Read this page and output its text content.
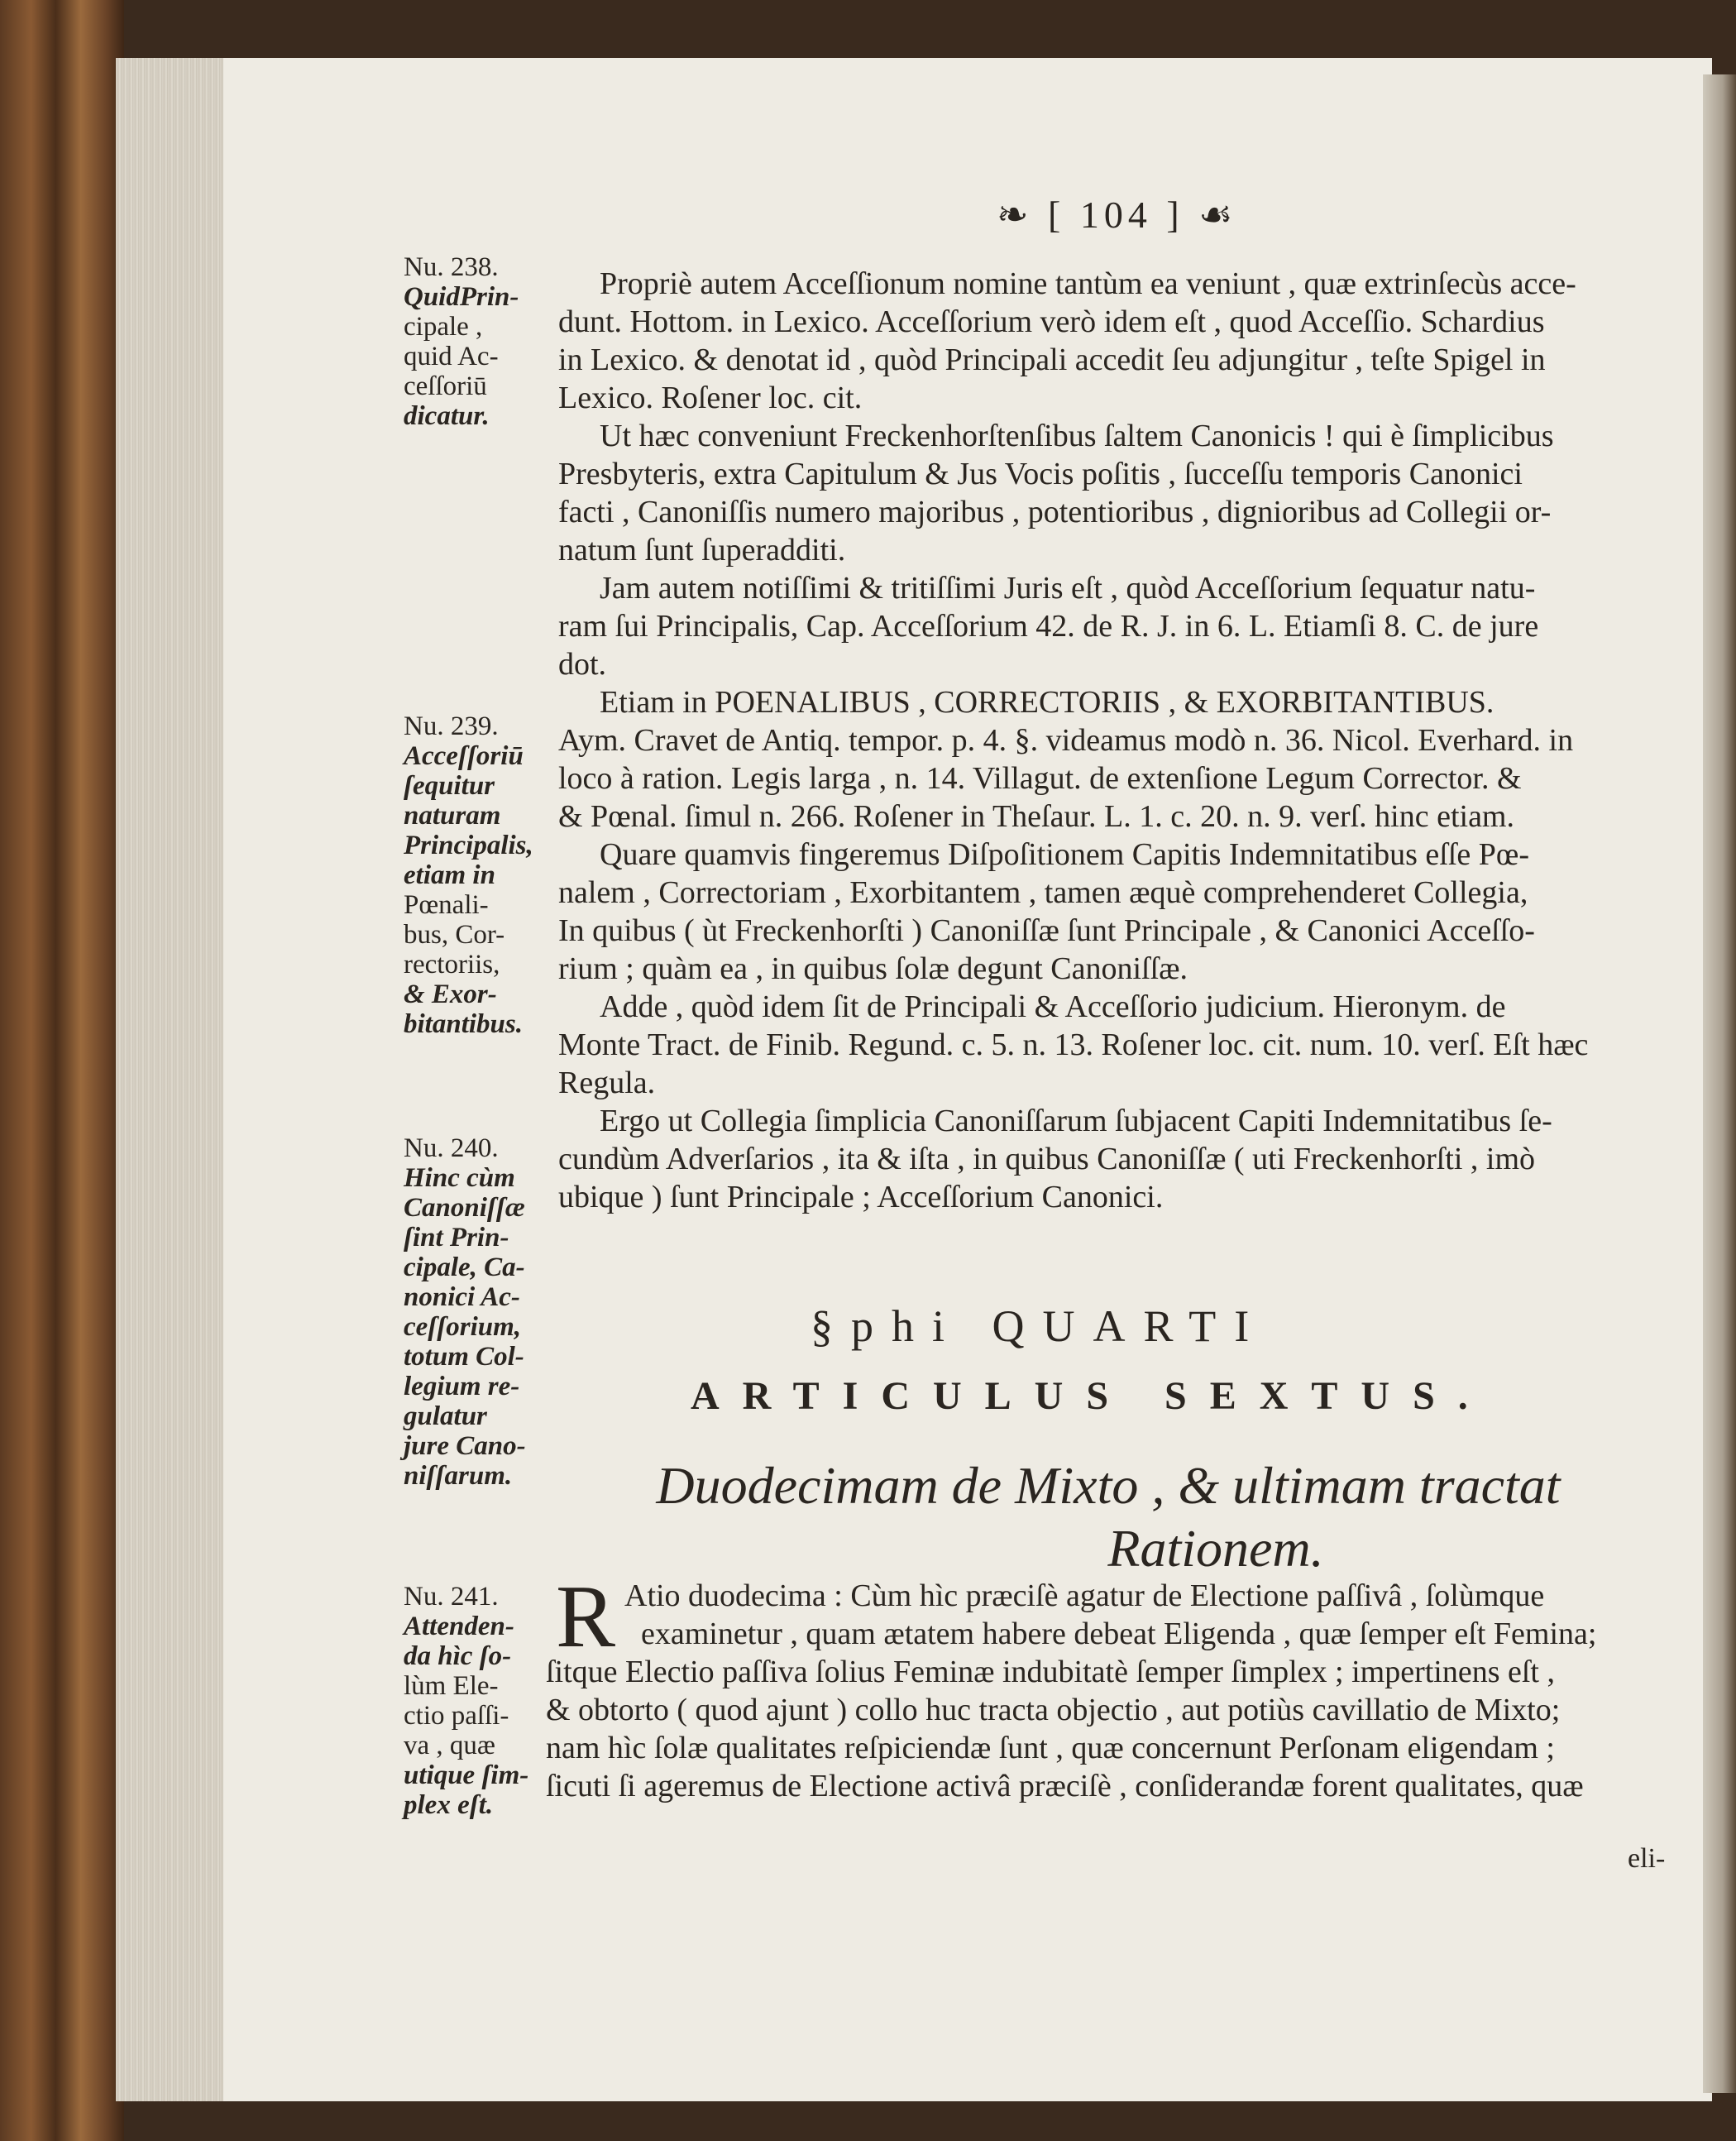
❧ [ 104 ] ☙
Nu. 238.
QuidPrin-
cipale ,
quid Ac-
ceſſoriū
dicatur.
Nu. 239.
Acceſſoriū
ſequitur
naturam
Principalis,
etiam in
Pœnali-
bus, Cor-
rectoriis,
& Exor-
bitantibus.
Nu. 240.
Hinc cùm
Canoniſſæ
ſint Prin-
cipale, Ca-
nonici Ac-
ceſſorium,
totum Col-
legium re-
gulatur
jure Cano-
niſſarum.
Nu. 241.
Attenden-
da hìc ſo-
lùm Ele-
ctio paſſi-
va , quæ
utique ſim-
plex eſt.
Propriè autem Acceſſionum nomine tantùm ea veniunt , quæ extrinſecùs acce-
dunt. Hottom. in Lexico. Acceſſorium verò idem eſt , quod Acceſſio. Schardius
in Lexico. & denotat id , quòd Principali accedit ſeu adjungitur , teſte Spigel in
Lexico. Roſener loc. cit.
Ut hæc conveniunt Freckenhorſtenſibus ſaltem Canonicis ! qui è ſimplicibus
Presbyteris, extra Capitulum & Jus Vocis poſitis , ſucceſſu temporis Canonici
facti , Canoniſſis numero majoribus , potentioribus , dignioribus ad Collegii or-
natum ſunt ſuperadditi.
Jam autem notiſſimi & tritiſſimi Juris eſt , quòd Acceſſorium ſequatur natu-
ram ſui Principalis, Cap. Acceſſorium 42. de R. J. in 6. L. Etiamſi 8. C. de jure
dot.
Etiam in POENALIBUS , CORRECTORIIS , & EXORBITANTIBUS.
Aym. Cravet de Antiq. tempor. p. 4. §. videamus modò n. 36. Nicol. Everhard. in
loco à ration. Legis larga , n. 14. Villagut. de extenſione Legum Corrector. &
& Pœnal. ſimul n. 266. Roſener in Theſaur. L. 1. c. 20. n. 9. verſ. hinc etiam.
Quare quamvis fingeremus Diſpoſitionem Capitis Indemnitatibus eſſe Pœ-
nalem , Correctoriam , Exorbitantem , tamen æquè comprehenderet Collegia,
In quibus ( ùt Freckenhorſti ) Canoniſſæ ſunt Principale , & Canonici Acceſſo-
rium ; quàm ea , in quibus ſolæ degunt Canoniſſæ.
Adde , quòd idem ſit de Principali & Acceſſorio judicium. Hieronym. de
Monte Tract. de Finib. Regund. c. 5. n. 13. Roſener loc. cit. num. 10. verſ. Eſt hæc
Regula.
Ergo ut Collegia ſimplicia Canoniſſarum ſubjacent Capiti Indemnitatibus ſe-
cundùm Adverſarios , ita & iſta , in quibus Canoniſſæ ( uti Freckenhorſti , imò
ubique ) ſunt Principale ; Acceſſorium Canonici.
§phi QUARTI
ARTICULUS SEXTUS.
Duodecimam de Mixto , & ultimam tractat
Rationem.
R Atio duodecima : Cùm hìc præciſè agatur de Electione paſſivâ , ſolùmque
examinetur , quam ætatem habere debeat Eligenda , quæ ſemper eſt Femina;
ſitque Electio paſſiva ſolius Feminæ indubitatè ſemper ſimplex ; impertinens eſt ,
& obtorto ( quod ajunt ) collo huc tracta objectio , aut potiùs cavillatio de Mixto;
nam hìc ſolæ qualitates reſpiciendæ ſunt , quæ concernunt Perſonam eligendam ;
ſicuti ſi ageremus de Electione activâ præciſè , conſiderandæ forent qualitates, quæ
eli-
